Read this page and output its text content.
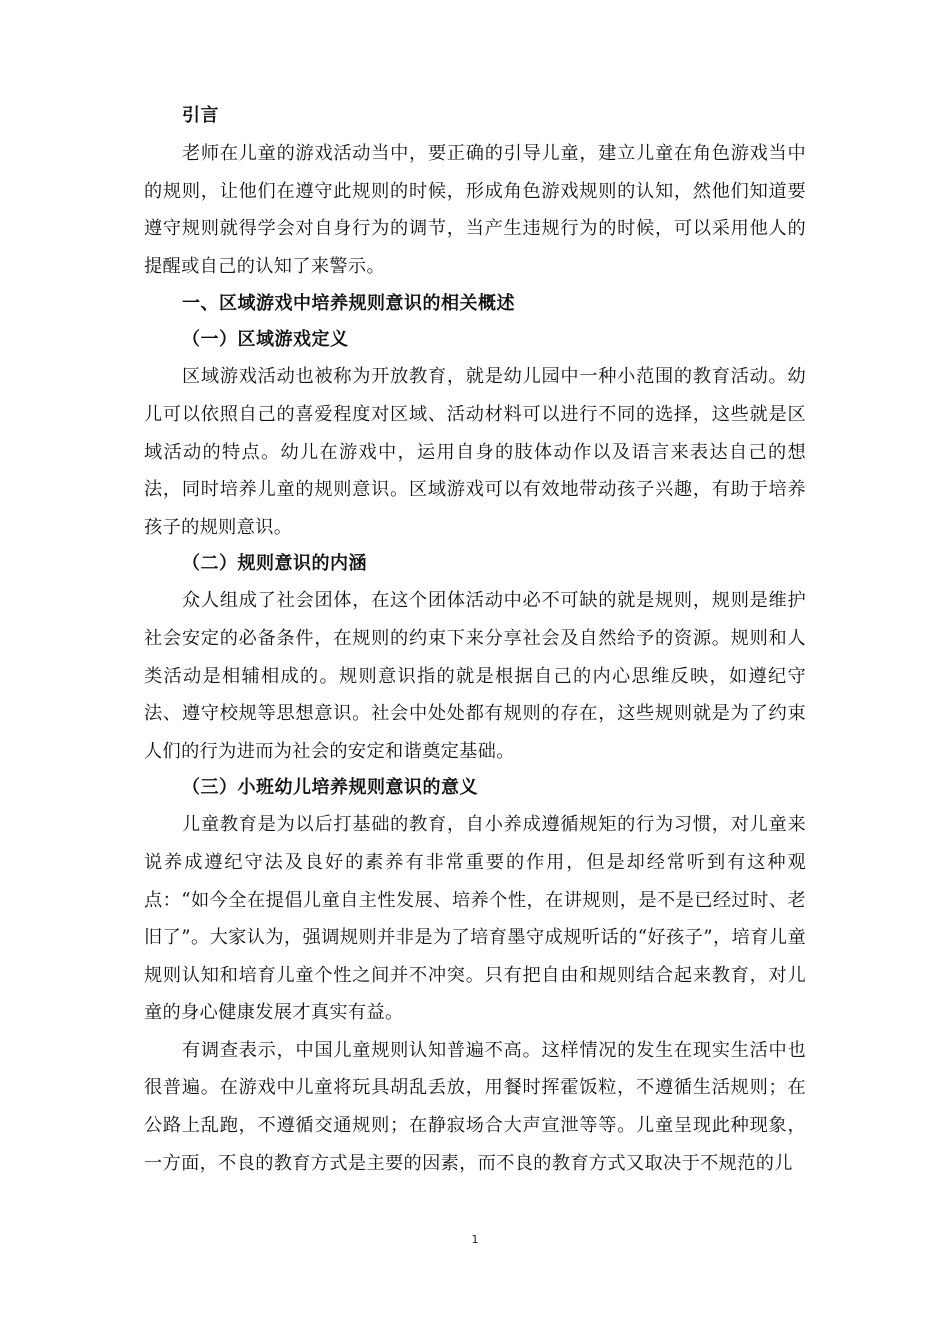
引言

老师在儿童的游戏活动当中，要正确的引导儿童，建立儿童在角色游戏当中的规则，让他们在遵守此规则的时候，形成角色游戏规则的认知，然他们知道要遵守规则就得学会对自身行为的调节，当产生违规行为的时候，可以采用他人的提醒或自己的认知了来警示。

一、区域游戏中培养规则意识的相关概述

（一）区域游戏定义

区域游戏活动也被称为开放教育，就是幼儿园中一种小范围的教育活动。幼儿可以依照自己的喜爱程度对区域、活动材料可以进行不同的选择，这些就是区域活动的特点。幼儿在游戏中，运用自身的肢体动作以及语言来表达自己的想法，同时培养儿童的规则意识。区域游戏可以有效地带动孩子兴趣，有助于培养孩子的规则意识。

（二）规则意识的内涵

众人组成了社会团体，在这个团体活动中必不可缺的就是规则，规则是维护社会安定的必备条件，在规则的约束下来分享社会及自然给予的资源。规则和人类活动是相辅相成的。规则意识指的就是根据自己的内心思维反映，如遵纪守法、遵守校规等思想意识。社会中处处都有规则的存在，这些规则就是为了约束人们的行为进而为社会的安定和谐奠定基础。

（三）小班幼儿培养规则意识的意义

儿童教育是为以后打基础的教育，自小养成遵循规矩的行为习惯，对儿童来说养成遵纪守法及良好的素养有非常重要的作用，但是却经常听到有这种观点：“如今全在提倡儿童自主性发展、培养个性，在讲规则，是不是已经过时、老旧了”。大家认为，强调规则并非是为了培育墨守成规听话的“好孩子”，培育儿童规则认知和培育儿童个性之间并不冲突。只有把自由和规则结合起来教育，对儿童的身心健康发展才真实有益。

有调查表示，中国儿童规则认知普遍不高。这样情况的发生在现实生活中也很普遍。在游戏中儿童将玩具胡乱丢放，用餐时挥霍饭粒，不遵循生活规则；在公路上乱跑，不遵循交通规则；在静寂场合大声宣泄等等。儿童呈现此种现象，一方面，不良的教育方式是主要的因素，而不良的教育方式又取决于不规范的儿

1
